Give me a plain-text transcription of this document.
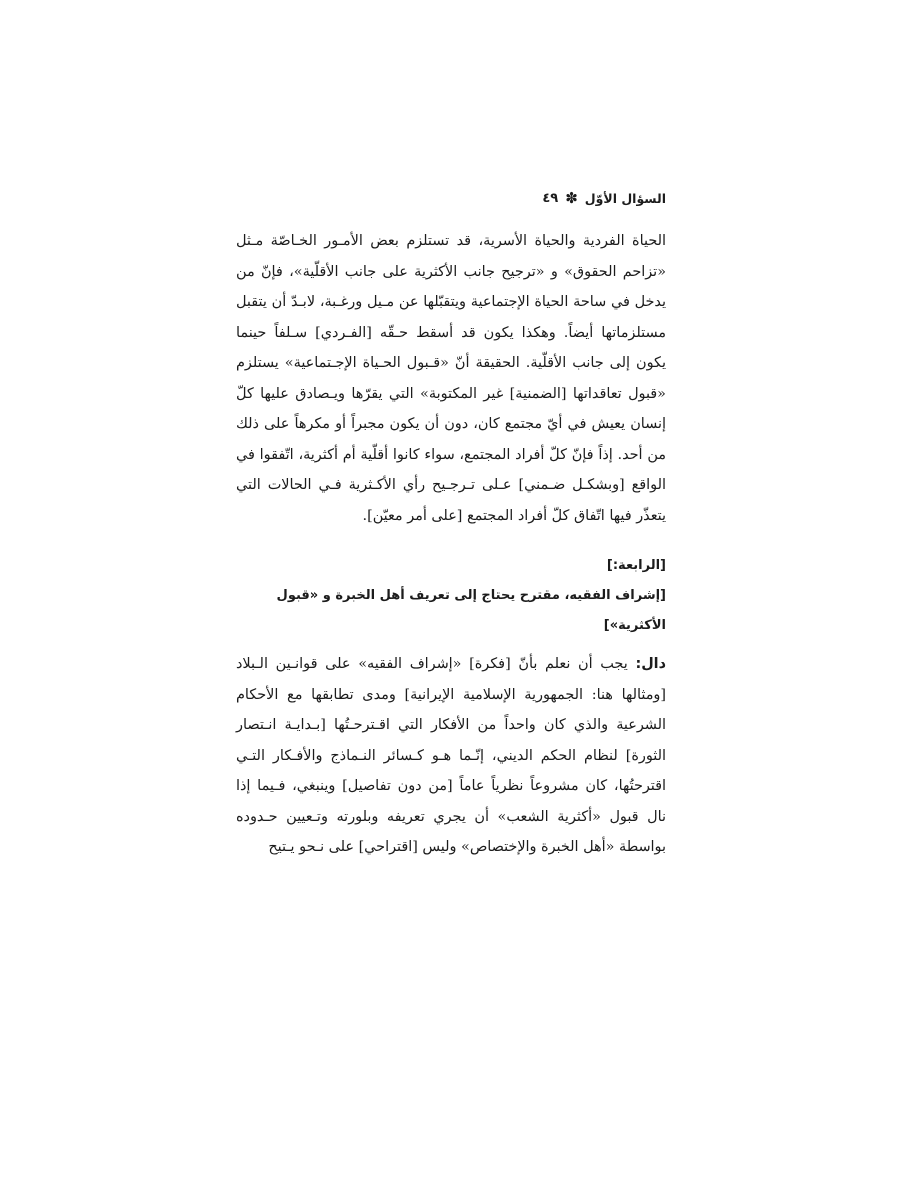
السؤال الأوّل
✽
٤٩

الحياة الفردية والحياة الأسرية، قد تستلزم بعض الأمـور الخـاصّة مـثل «تزاحم الحقوق» و «ترجيح جانب الأكثرية على جانب الأقلّية»، فإنّ من يدخل في ساحة الحياة الإجتماعية ويتقبّلها عن مـيل ورغـبة، لابـدّ أن يتقبل مستلزماتها أيضاً. وهكذا يكون قد أسقط حـقّه [الفـردي] سـلفاً حينما يكون إلى جانب الأقلّية. الحقيقة أنّ «قـبول الحـياة الإجـتماعية» يستلزم «قبول تعاقداتها [الضمنية] غير المكتوبة» التي يقرّها ويـصادق عليها كلّ إنسان يعيش في أيّ مجتمع كان، دون أن يكون مجبراً أو مكرهاً على ذلك من أحد. إذاً فإنّ كلّ أفراد المجتمع، سواء كانوا أقلّية أم أكثرية، اتّفقوا في الواقع [وبشكـل ضـمني] عـلى تـرجـيح رأي الأكـثرية فـي الحالات التي يتعذّر فيها اتّفاق كلّ أفراد المجتمع [على أمر معيّن].

[الرابعة:]

[إشراف الفقيه، مقترح يحتاج إلى تعريف أهل الخبرة و «قبول الأكثرية»]

دال: يجب أن نعلم بأنّ [فكرة] «إشراف الفقيه» على قوانـين الـبلاد [ومثالها هنا: الجمهورية الإسلامية الإيرانية] ومدى تطابقها مع الأحكام الشرعية والذي كان واحداً من الأفكار التي اقـترحـتُها [بـدايـة انـتصار الثورة] لنظام الحكم الديني، إنّـما هـو كـسائر النـماذج والأفـكار التـي اقترحتُها، كان مشروعاً نظرياً عاماً [من دون تفاصيل] وينبغي، فـيما إذا نال قبول «أكثرية الشعب» أن يجري تعريفه وبلورته وتـعيين حـدوده بواسطة «أهل الخبرة والإختصاص» وليس [اقتراحي] على نـحو يـتيح
